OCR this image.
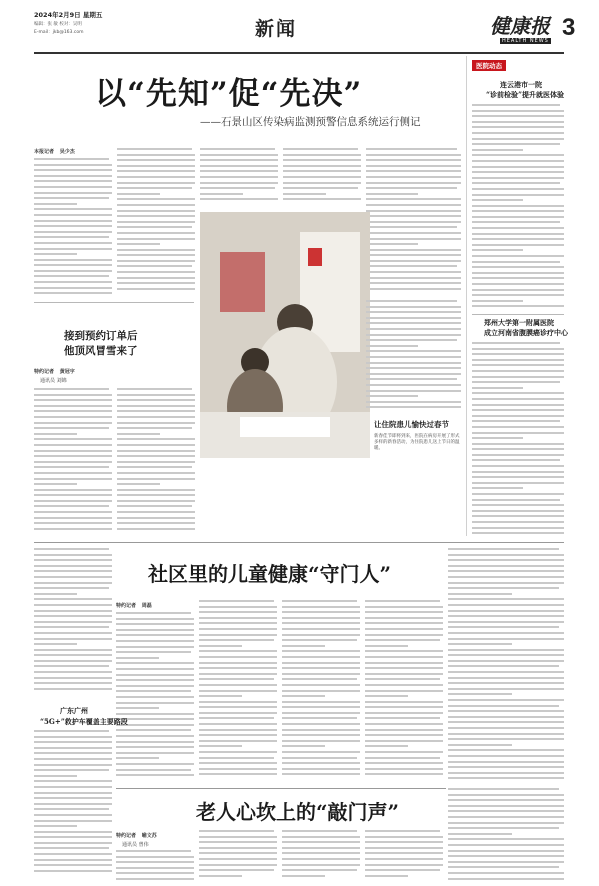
2024年2月9日 星期五
编辑：张 敏 校对：吴明
E-mail：jkb@163.com	新闻	健康报
HEALTH NEWS 3
以“先知”促“先决”
——石景山区传染病监测预警信息系统运行侧记
本报记者 吴少杰
接到预约订单后
他顶风冒雪来了
特约记者 黄冠宇
通讯员 刘锦
让住院患儿愉快过春节
新春佳节即将到来，医院在病房开展了形式多样的新春活动，为住院患儿送上节日的温暖。
医院动态
连云港市一院
“诊前检验”提升就医体验
郑州大学第一附属医院
成立河南省腹膜癌诊疗中心
社区里的儿童健康“守门人”
特约记者 周磊
广东广州
“5G+”救护车覆盖主要路段
老人心坎上的“敲门声”
特约记者 喻文苏
通讯员 曾伟
